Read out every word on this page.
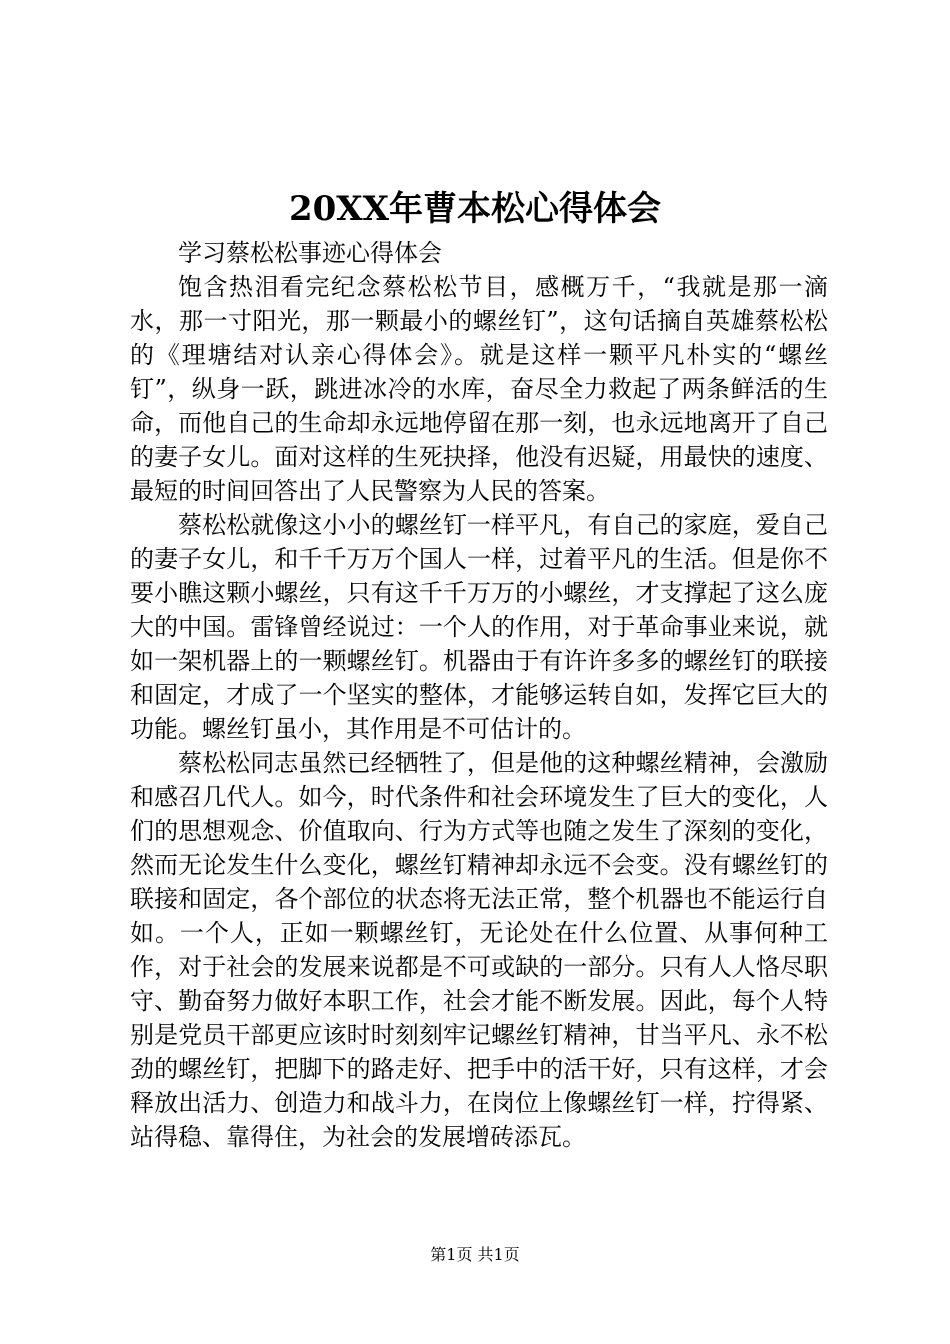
20XX年曹本松心得体会

学习蔡松松事迹心得体会

饱含热泪看完纪念蔡松松节目，感概万千，“我就是那一滴水，那一寸阳光，那一颗最小的螺丝钉”，这句话摘自英雄蔡松松的《理塘结对认亲心得体会》。就是这样一颗平凡朴实的“螺丝钉”，纵身一跃，跳进冰冷的水库，奋尽全力救起了两条鲜活的生命，而他自己的生命却永远地停留在那一刻，也永远地离开了自己的妻子女儿。面对这样的生死抉择，他没有迟疑，用最快的速度、最短的时间回答出了人民警察为人民的答案。

蔡松松就像这小小的螺丝钉一样平凡，有自己的家庭，爱自己的妻子女儿，和千千万万个国人一样，过着平凡的生活。但是你不要小瞧这颗小螺丝，只有这千千万万的小螺丝，才支撑起了这么庞大的中国。雷锋曾经说过：一个人的作用，对于革命事业来说，就如一架机器上的一颗螺丝钉。机器由于有许许多多的螺丝钉的联接和固定，才成了一个坚实的整体，才能够运转自如，发挥它巨大的功能。螺丝钉虽小，其作用是不可估计的。

蔡松松同志虽然已经牺牲了，但是他的这种螺丝精神，会激励和感召几代人。如今，时代条件和社会环境发生了巨大的变化，人们的思想观念、价值取向、行为方式等也随之发生了深刻的变化，然而无论发生什么变化，螺丝钉精神却永远不会变。没有螺丝钉的联接和固定，各个部位的状态将无法正常，整个机器也不能运行自如。一个人，正如一颗螺丝钉，无论处在什么位置、从事何种工作，对于社会的发展来说都是不可或缺的一部分。只有人人恪尽职守、勤奋努力做好本职工作，社会才能不断发展。因此，每个人特别是党员干部更应该时时刻刻牢记螺丝钉精神，甘当平凡、永不松劲的螺丝钉，把脚下的路走好、把手中的活干好，只有这样，才会释放出活力、创造力和战斗力，在岗位上像螺丝钉一样，拧得紧、站得稳、靠得住，为社会的发展增砖添瓦。

第1页 共1页
